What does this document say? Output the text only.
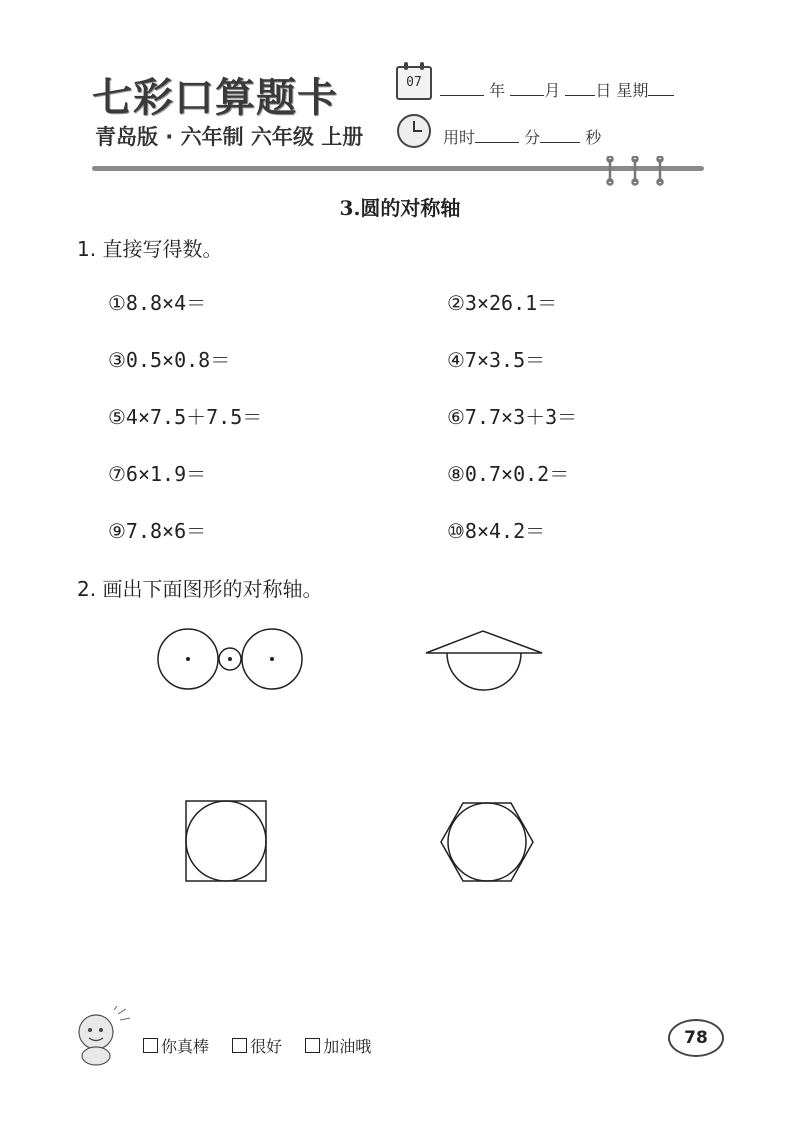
七彩口算题卡
青岛版 · 六年制 六年级 上册
07	年 月 日 星期
用时	分	秒
3.圆的对称轴
1. 直接写得数。
①8.8×4＝	②3×26.1＝
③0.5×0.8＝	④7×3.5＝
⑤4×7.5＋7.5＝	⑥7.7×3＋3＝
⑦6×1.9＝	⑧0.7×0.2＝
⑨7.8×6＝	⑩8×4.2＝
2. 画出下面图形的对称轴。
你真棒	很好	加油哦	78
